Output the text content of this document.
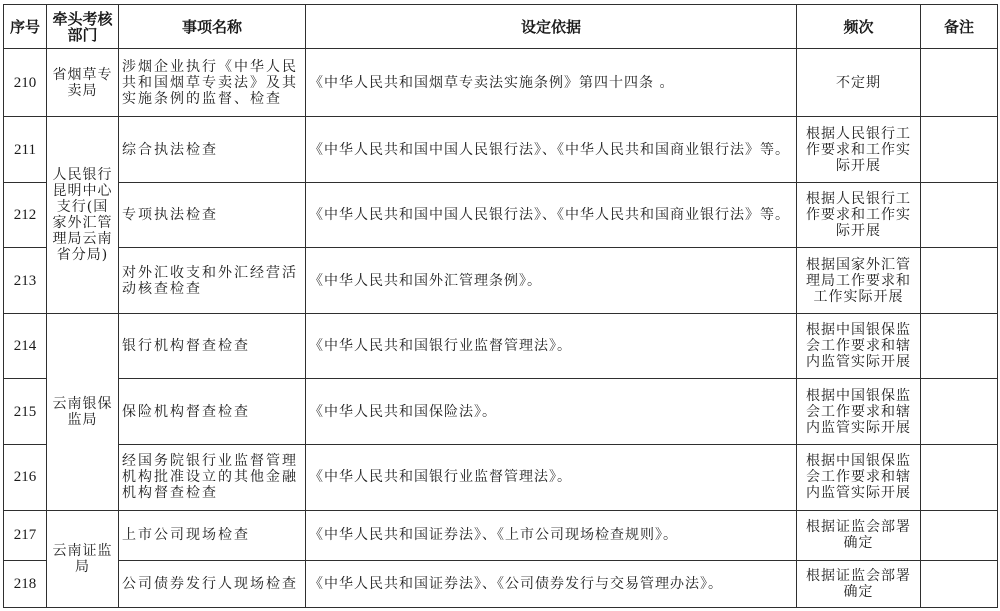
序号	牵头考核部门	事项名称	设定依据	频次	备注
210	省烟草专卖局	涉烟企业执行《中华人民共和国烟草专卖法》及其实施条例的监督、检查	《中华人民共和国烟草专卖法实施条例》第四十四条 。	不定期	
211	人民银行昆明中心支行(国家外汇管理局云南省分局)	综合执法检查	《中华人民共和国中国人民银行法》、《中华人民共和国商业银行法》等。	根据人民银行工作要求和工作实际开展	
212		专项执法检查	《中华人民共和国中国人民银行法》、《中华人民共和国商业银行法》等。	根据人民银行工作要求和工作实际开展	
213		对外汇收支和外汇经营活动核查检查	《中华人民共和国外汇管理条例》。	根据国家外汇管理局工作要求和工作实际开展	
214	云南银保监局	银行机构督查检查	《中华人民共和国银行业监督管理法》。	根据中国银保监会工作要求和辖内监管实际开展	
215		保险机构督查检查	《中华人民共和国保险法》。	根据中国银保监会工作要求和辖内监管实际开展	
216		经国务院银行业监督管理机构批准设立的其他金融机构督查检查	《中华人民共和国银行业监督管理法》。	根据中国银保监会工作要求和辖内监管实际开展	
217	云南证监局	上市公司现场检查	《中华人民共和国证券法》、《上市公司现场检查规则》。	根据证监会部署确定	
218		公司债券发行人现场检查	《中华人民共和国证券法》、《公司债券发行与交易管理办法》。	根据证监会部署确定	
